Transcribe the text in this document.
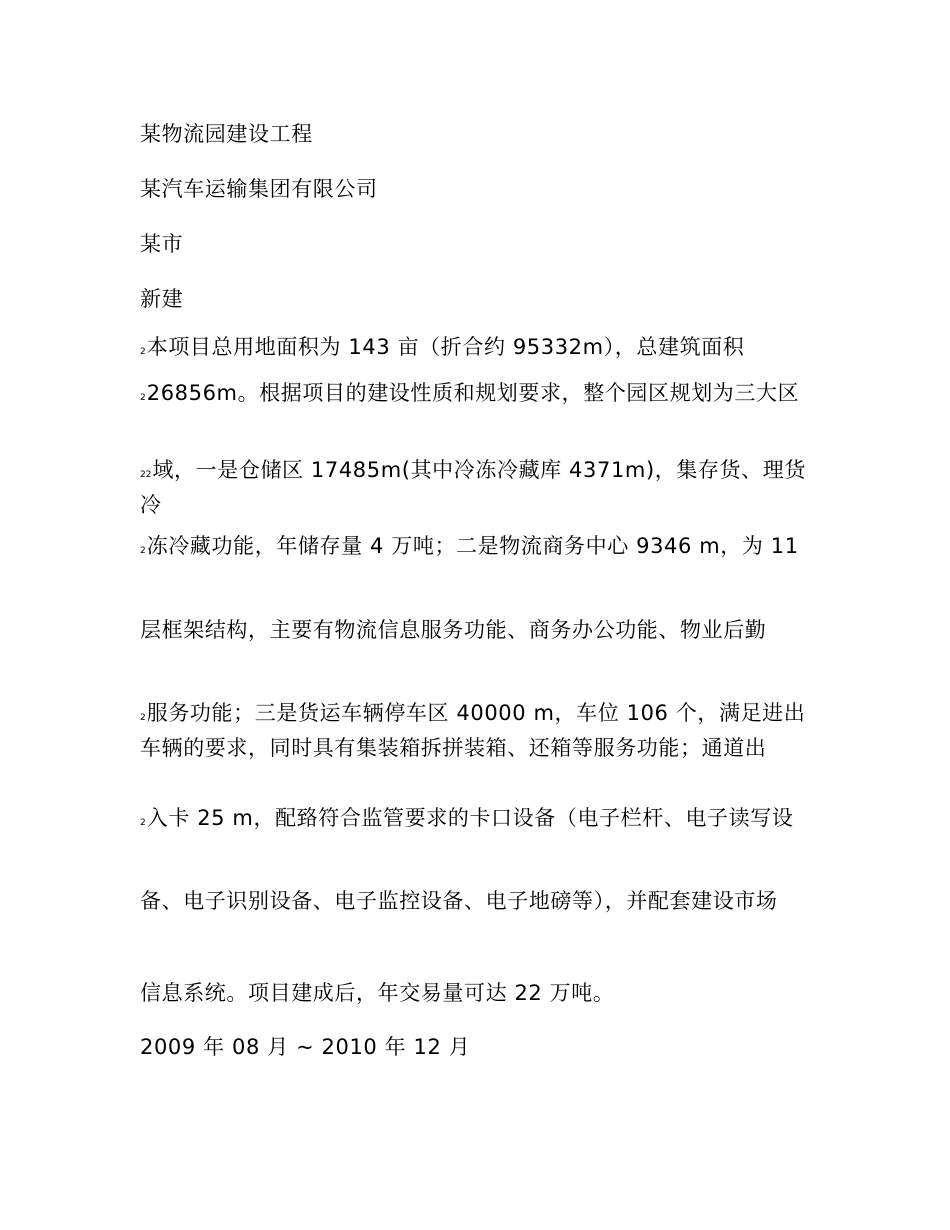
某物流园建设工程
某汽车运输集团有限公司
某市
新建
2本项目总用地面积为 143 亩（折合约 95332m），总建筑面积
226856m。根据项目的建设性质和规划要求，整个园区规划为三大区
22域，一是仓储区 17485m(其中冷冻冷藏库 4371m)，集存货、理货冷
2冻冷藏功能，年储存量 4 万吨；二是物流商务中心 9346 m，为 11
层框架结构，主要有物流信息服务功能、商务办公功能、物业后勤
2服务功能；三是货运车辆停车区 40000 m，车位 106 个，满足进出车辆的要求，同时具有集装箱拆拼装箱、还箱等服务功能；通道出
2入卡 25 m，配臵符合监管要求的卡口设备（电子栏杆、电子读写设
备、电子识别设备、电子监控设备、电子地磅等），并配套建设市场
信息系统。项目建成后，年交易量可达 22 万吨。
2009 年 08 月 ~ 2010 年 12 月
